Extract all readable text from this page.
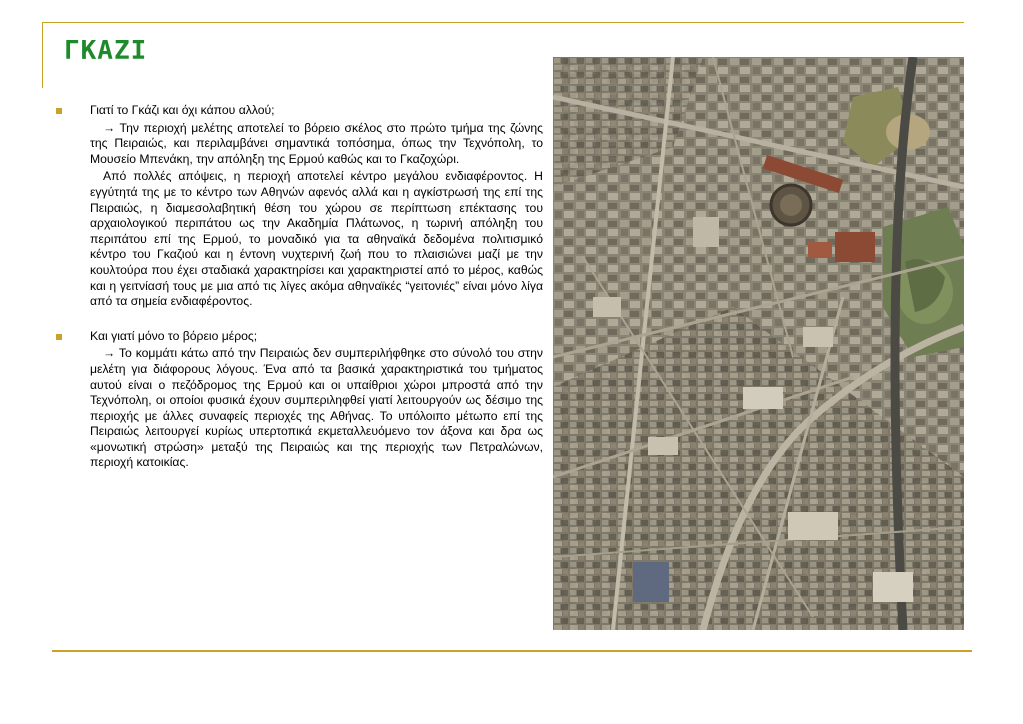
ΓΚΑΖΙ
Γιατί το Γκάζι και όχι κάπου αλλού;

→ Την περιοχή μελέτης αποτελεί το βόρειο σκέλος στο πρώτο τμήμα της ζώνης της Πειραιώς, και περιλαμβάνει σημαντικά τοπόσημα, όπως την Τεχνόπολη, το Μουσείο Μπενάκη, την απόληξη της Ερμού καθώς και το Γκαζοχώρι.

Από πολλές απόψεις, η περιοχή αποτελεί κέντρο μεγάλου ενδιαφέροντος. Η εγγύτητά της με το κέντρο των Αθηνών αφενός αλλά και η αγκίστρωσή της επί της Πειραιώς, η διαμεσολαβητική θέση του χώρου σε περίπτωση επέκτασης του αρχαιολογικού περιπάτου ως την Ακαδημία Πλάτωνος, η τωρινή απόληξη του περιπάτου επί της Ερμού, το μοναδικό για τα αθηναϊκά δεδομένα πολιτισμικό κέντρο του Γκαζιού και η έντονη νυχτερινή ζωή που το πλαισιώνει μαζί με την κουλτούρα που έχει σταδιακά χαρακτηρίσει και χαρακτηριστεί από το μέρος, καθώς και η γειτνίασή τους με μια από τις λίγες ακόμα αθηναϊκές “γειτονιές” είναι μόνο λίγα από τα σημεία ενδιαφέροντος.

Και γιατί μόνο το βόρειο μέρος;

→ Το κομμάτι κάτω από την Πειραιώς δεν συμπεριλήφθηκε στο σύνολό του στην μελέτη για διάφορους λόγους. Ένα από τα βασικά χαρακτηριστικά του τμήματος αυτού είναι ο πεζόδρομος της Ερμού και οι υπαίθριοι χώροι μπροστά από την Τεχνόπολη, οι οποίοι φυσικά έχουν συμπεριληφθεί γιατί λειτουργούν ως δέσιμο της περιοχής με άλλες συναφείς περιοχές της Αθήνας. Το υπόλοιπο μέτωπο επί της Πειραιώς λειτουργεί κυρίως υπερτοπικά εκμεταλλευόμενο τον άξονα και δρα ως «μονωτική στρώση» μεταξύ της Πειραιώς και της περιοχής των Πετραλώνων, περιοχή κατοικίας.
